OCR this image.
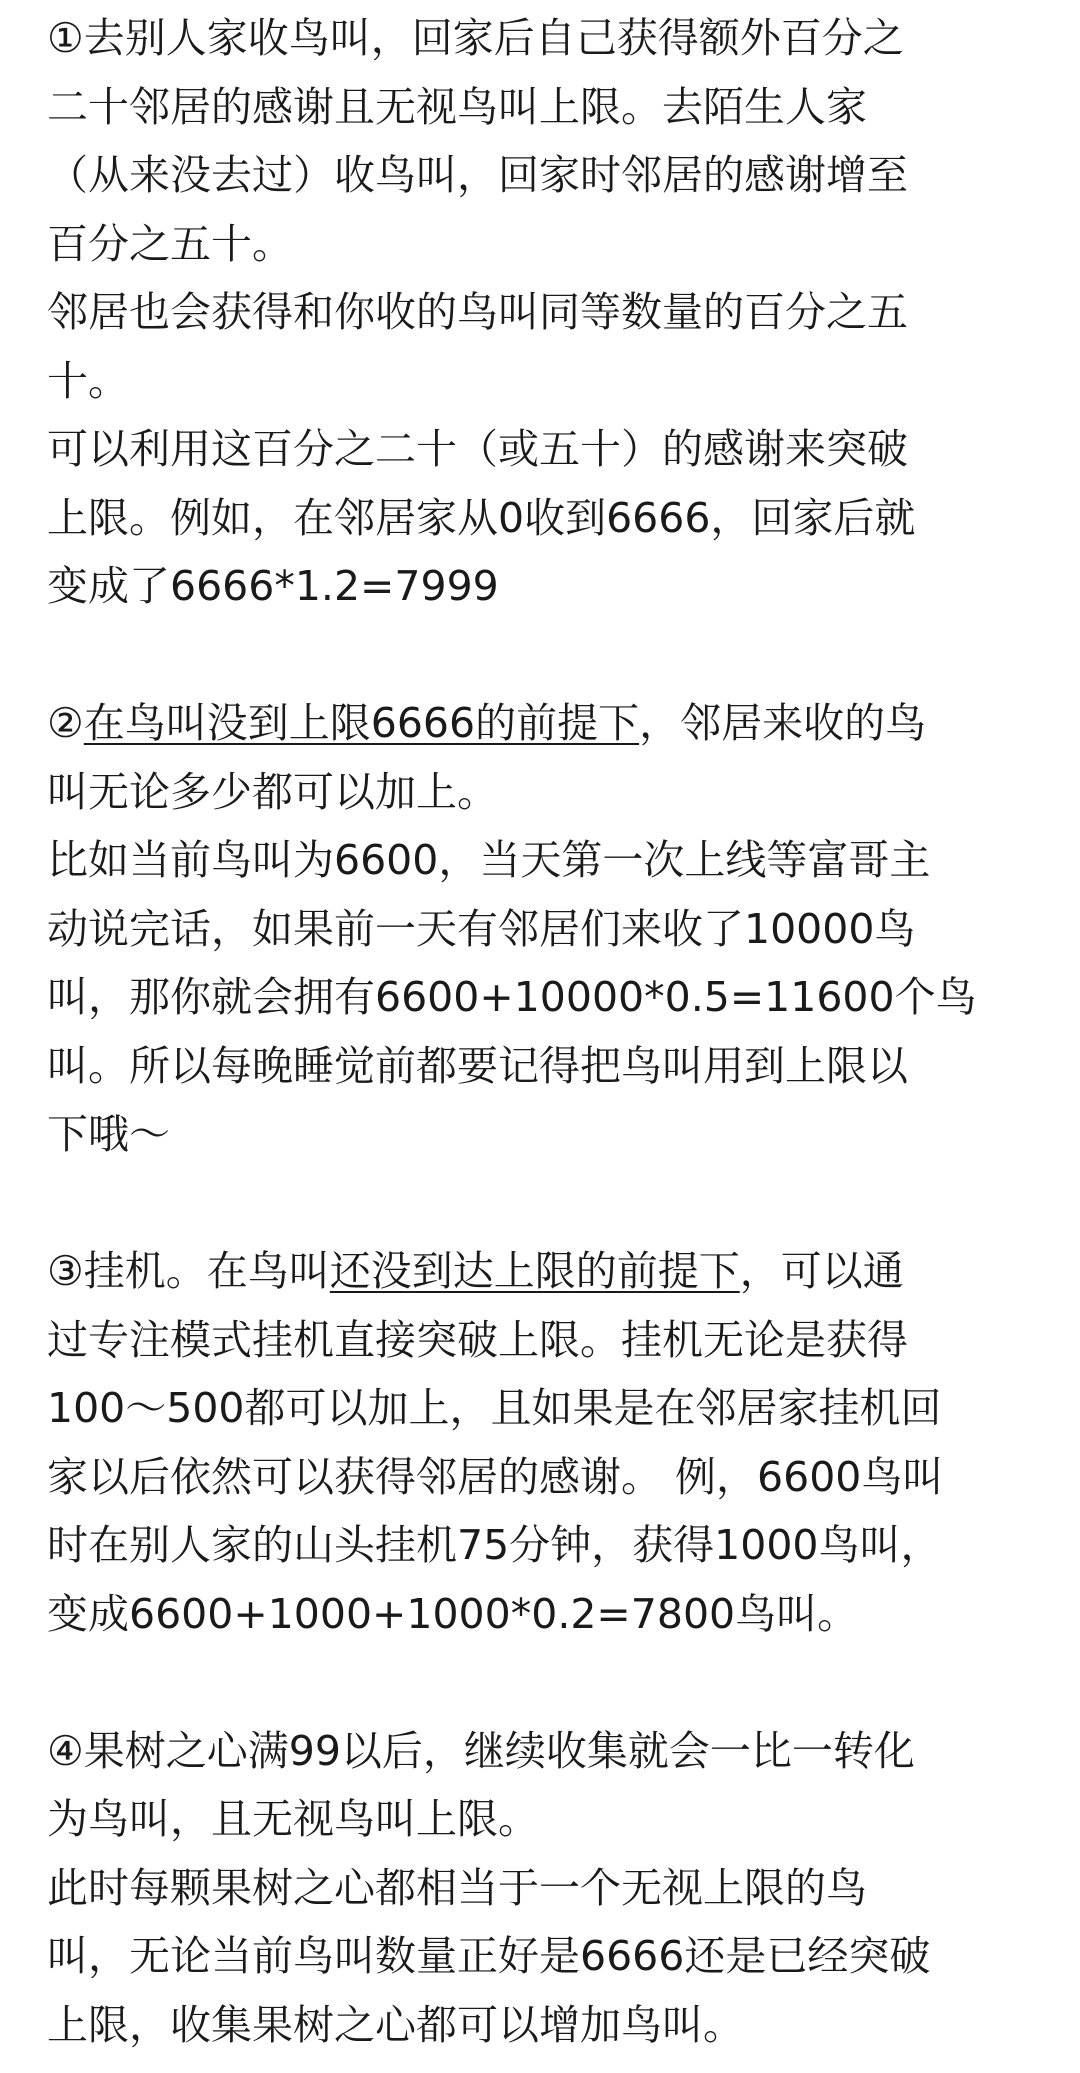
①去别人家收鸟叫，回家后自己获得额外百分之
二十邻居的感谢且无视鸟叫上限。去陌生人家
（从来没去过）收鸟叫，回家时邻居的感谢增至
百分之五十。
邻居也会获得和你收的鸟叫同等数量的百分之五
十。
可以利用这百分之二十（或五十）的感谢来突破
上限。例如，在邻居家从0收到6666，回家后就
变成了6666*1.2=7999
②在鸟叫没到上限6666的前提下，邻居来收的鸟
叫无论多少都可以加上。
比如当前鸟叫为6600，当天第一次上线等富哥主
动说完话，如果前一天有邻居们来收了10000鸟
叫，那你就会拥有6600+10000*0.5=11600个鸟
叫。所以每晚睡觉前都要记得把鸟叫用到上限以
下哦～
③挂机。在鸟叫还没到达上限的前提下，可以通
过专注模式挂机直接突破上限。挂机无论是获得
100～500都可以加上，且如果是在邻居家挂机回
家以后依然可以获得邻居的感谢。 例，6600鸟叫
时在别人家的山头挂机75分钟，获得1000鸟叫，
变成6600+1000+1000*0.2=7800鸟叫。
④果树之心满99以后，继续收集就会一比一转化
为鸟叫，且无视鸟叫上限。
此时每颗果树之心都相当于一个无视上限的鸟
叫，无论当前鸟叫数量正好是6666还是已经突破
上限，收集果树之心都可以增加鸟叫。
